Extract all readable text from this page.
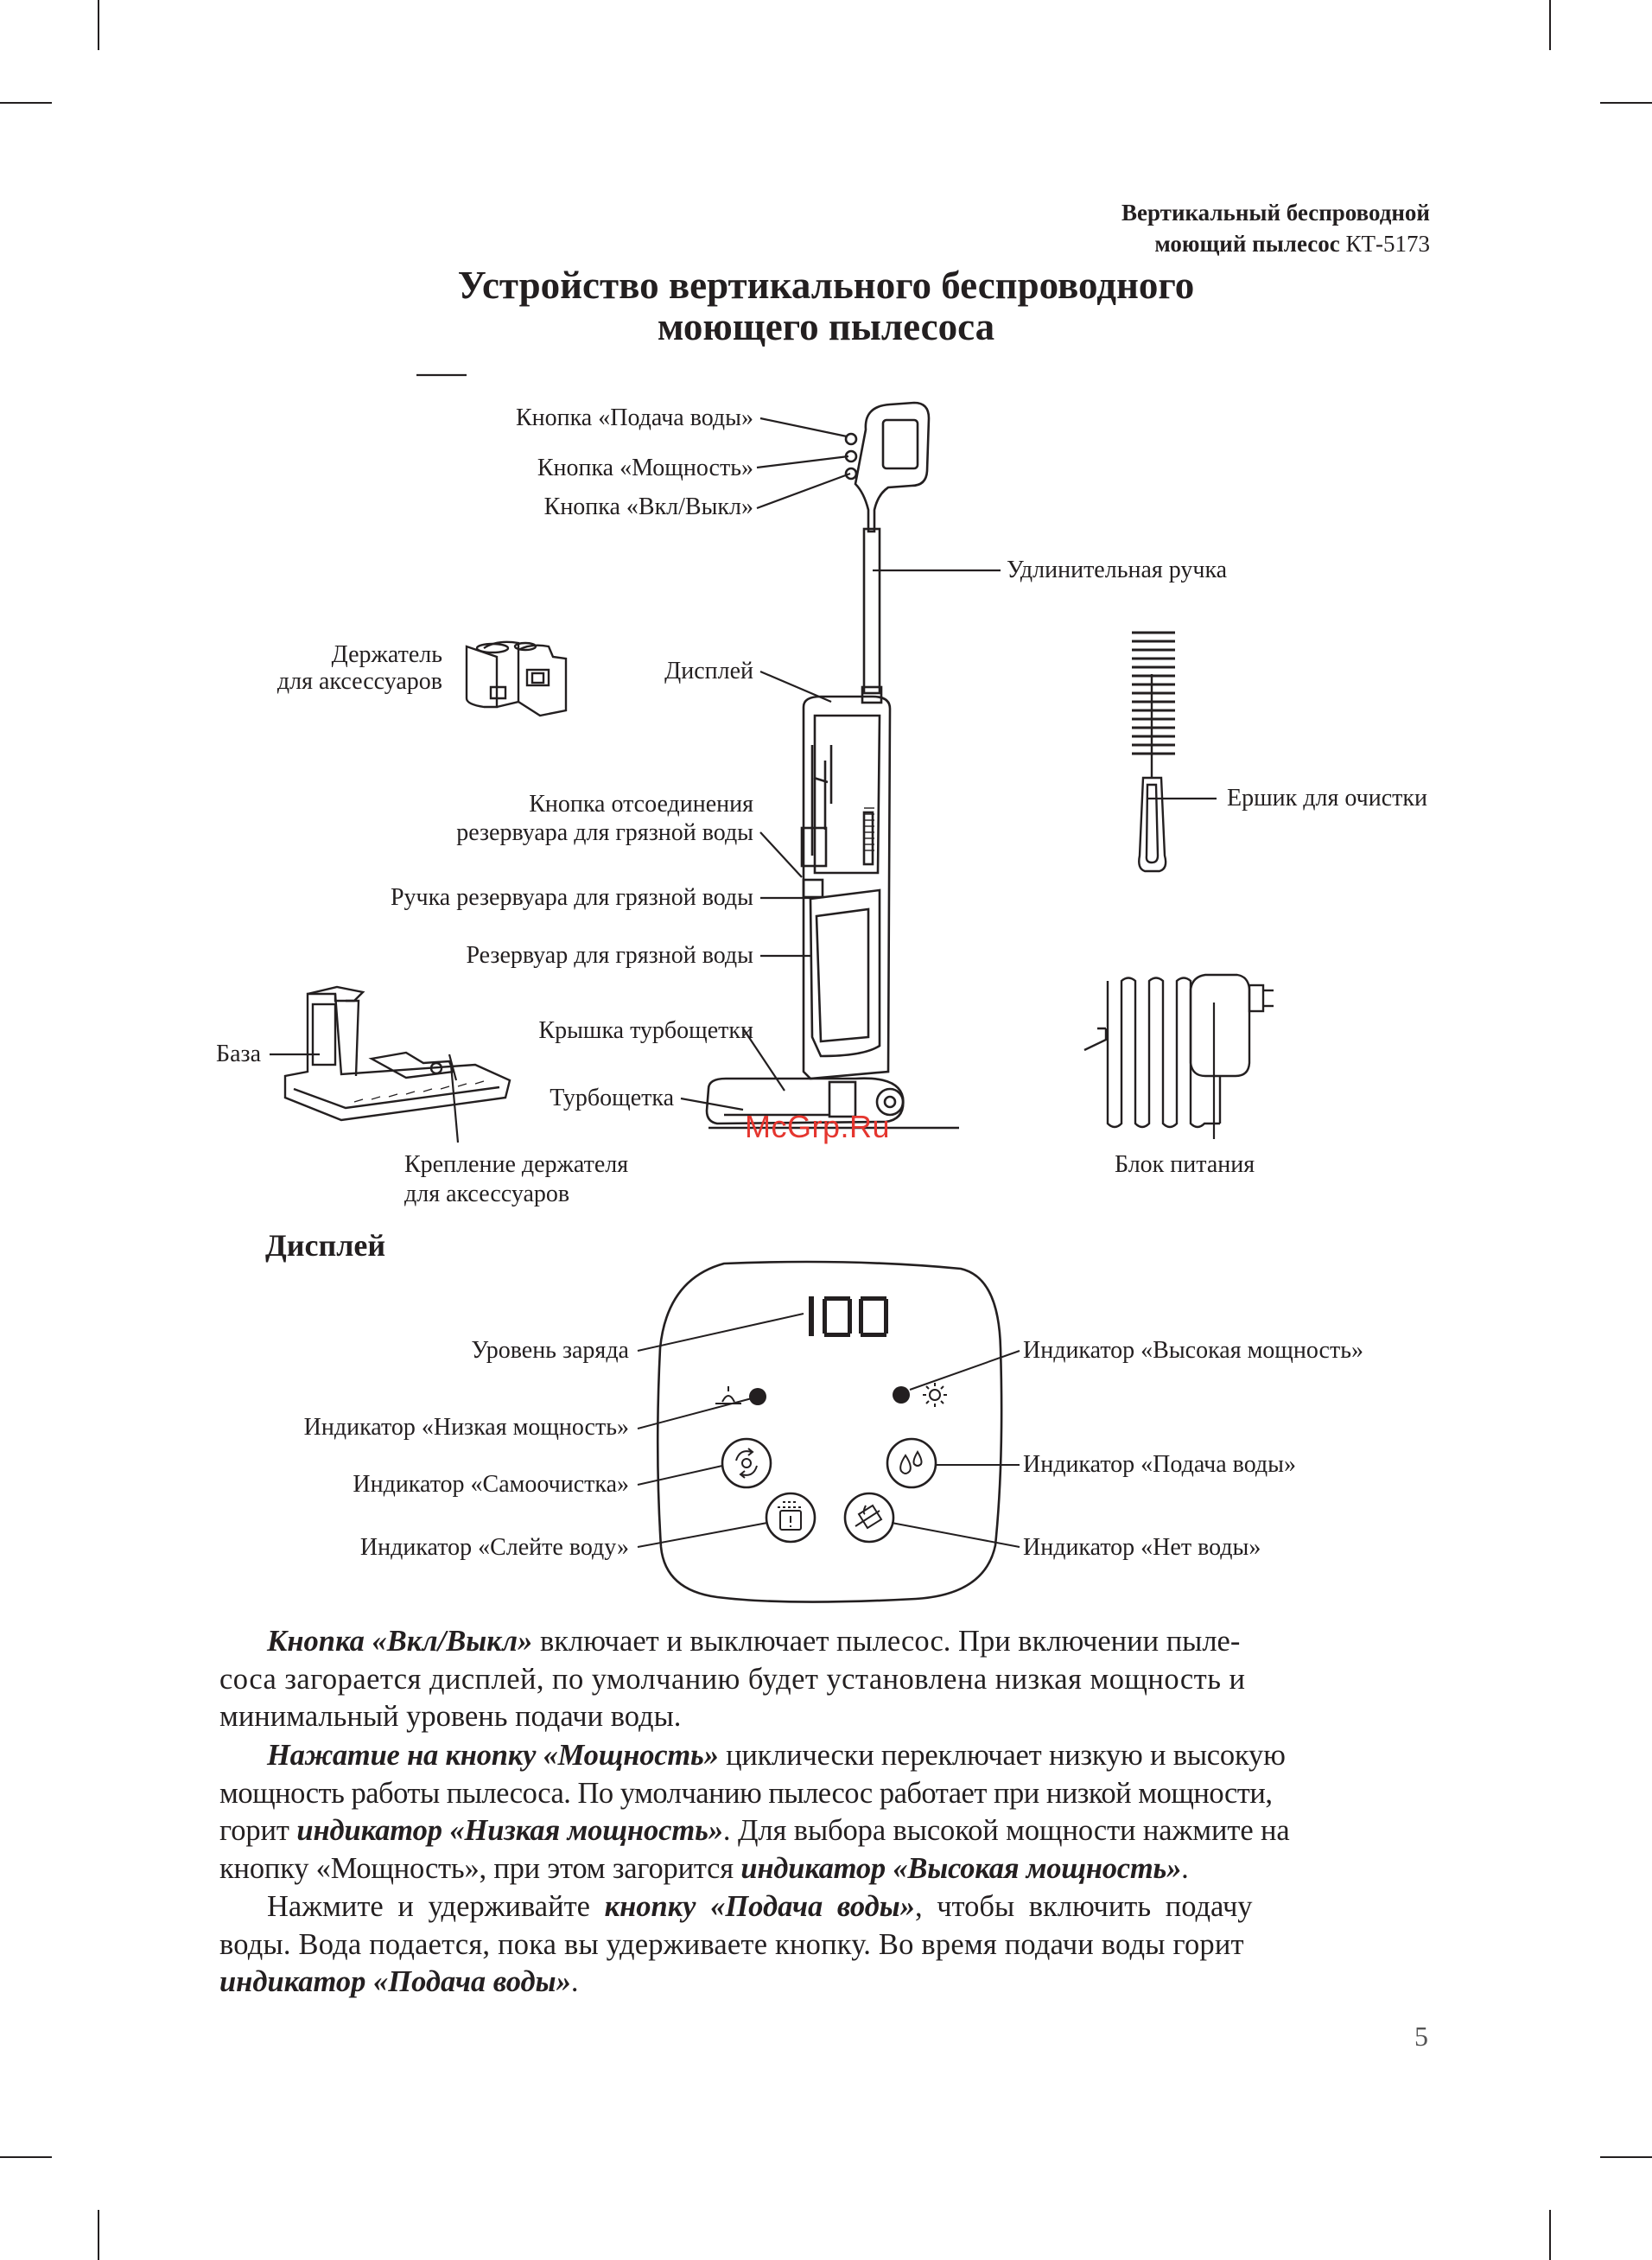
Вертикальный беспроводной
моющий пылесос КТ-5173
Устройство вертикального беспроводного
моющего пылесоса
Кнопка «Подача воды»
Кнопка «Мощность»
Кнопка «Вкл/Выкл»
Удлинительная ручка
Держатель
для аксессуаров	Дисплей
Кнопка отсоединения
резервуара для грязной воды
Ручка резервуара для грязной воды
Резервуар для грязной воды
Крышка турбощетки
База
Турбощетка
Крепление держателя
для аксессуаров
Ершик для очистки
Блок питания
McGrp.Ru
Дисплей
Уровень заряда
Индикатор «Низкая мощность»
Индикатор «Самоочистка»
Индикатор «Слейте воду»
Индикатор «Высокая мощность»
Индикатор «Подача воды»
Индикатор «Нет воды»
Кнопка «Вкл/Выкл» включает и выключает пылесос. При включении пыле-
соса загорается дисплей, по умолчанию будет установлена низкая мощность и
минимальный уровень подачи воды.
Нажатие на кнопку «Мощность» циклически переключает низкую и высокую
мощность работы пылесоса. По умолчанию пылесос работает при низкой мощности,
горит индикатор «Низкая мощность». Для выбора высокой мощности нажмите на
кнопку «Мощность», при этом загорится индикатор «Высокая мощность».
Нажмите и удерживайте кнопку «Подача воды», чтобы включить подачу
воды. Вода подается, пока вы удерживаете кнопку. Во время подачи воды горит
индикатор «Подача воды».
5
